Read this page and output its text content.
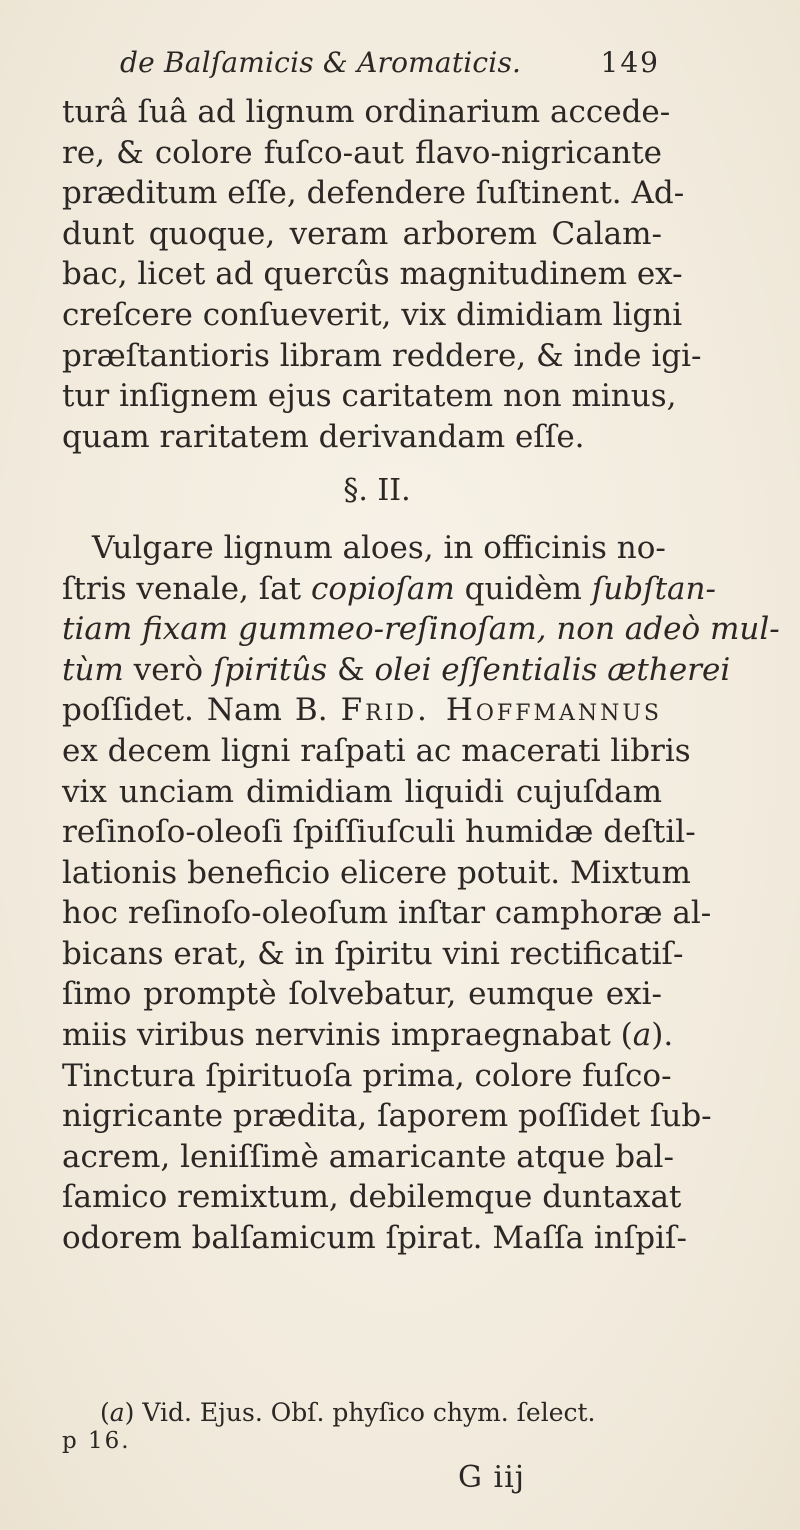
de Balſamicis & Aromaticis.	149
turâ ſuâ ad lignum ordinarium accede-
re, & colore fuſco-aut flavo-nigricante
præditum eſſe, defendere ſuſtinent. Ad-
dunt quoque, veram arborem Calam-
bac, licet ad quercûs magnitudinem ex-
creſcere conſueverit, vix dimidiam ligni
præſtantioris libram reddere, & inde igi-
tur inſignem ejus caritatem non minus,
quam raritatem derivandam eſſe.
§. II.
Vulgare lignum aloes, in officinis no-
ſtris venale, ſat copioſam quidèm ſubſtan-
tiam fixam gummeo-reſinoſam, non adeò mul-
tùm verò ſpiritûs & olei eſſentialis ætherei
poſſidet. Nam B. Frid. Hoffmannus
ex decem ligni raſpati ac macerati libris
vix unciam dimidiam liquidi cujuſdam
reſinoſo-oleoſi ſpiſſiuſculi humidæ deſtil-
lationis beneficio elicere potuit. Mixtum
hoc reſinoſo-oleoſum inſtar camphoræ al-
bicans erat, & in ſpiritu vini rectificatiſ-
ſimo promptè ſolvebatur, eumque exi-
miis viribus nervinis impraegnabat (a).
Tinctura ſpirituoſa prima, colore fuſco-
nigricante prædita, ſaporem poſſidet ſub-
acrem, leniſſimè amaricante atque bal-
ſamico remixtum, debilemque duntaxat
odorem balſamicum ſpirat. Maſſa inſpiſ-
(a) Vid. Ejus. Obſ. phyſico chym. ſelect.
p 16.
G iij
